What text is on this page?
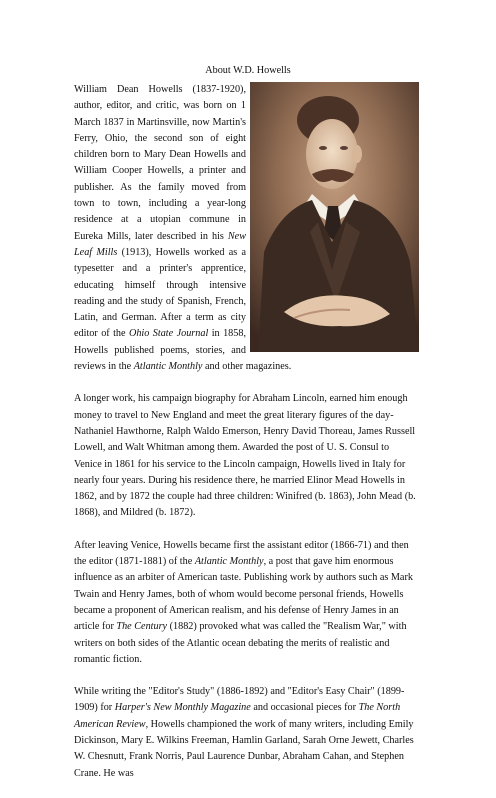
About W.D. Howells

William Dean Howells (1837-1920), author, editor, and critic, was born on 1 March 1837 in Martinsville, now Martin's Ferry, Ohio, the second son of eight children born to Mary Dean Howells and William Cooper Howells, a printer and publisher. As the family moved from town to town, including a year-long residence at a utopian commune in Eureka Mills, later described in his New Leaf Mills (1913), Howells worked as a typesetter and a printer's apprentice, educating himself through intensive reading and the study of Spanish, French, Latin, and German. After a term as city editor of the Ohio State Journal in 1858, Howells published poems, stories, and reviews in the Atlantic Monthly and other magazines.

A longer work, his campaign biography for Abraham Lincoln, earned him enough money to travel to New England and meet the great literary figures of the day-Nathaniel Hawthorne, Ralph Waldo Emerson, Henry David Thoreau, James Russell Lowell, and Walt Whitman among them. Awarded the post of U. S. Consul to Venice in 1861 for his service to the Lincoln campaign, Howells lived in Italy for nearly four years. During his residence there, he married Elinor Mead Howells in 1862, and by 1872 the couple had three children: Winifred (b. 1863), John Mead (b. 1868), and Mildred (b. 1872).

After leaving Venice, Howells became first the assistant editor (1866-71) and then the editor (1871-1881) of the Atlantic Monthly, a post that gave him enormous influence as an arbiter of American taste. Publishing work by authors such as Mark Twain and Henry James, both of whom would become personal friends, Howells became a proponent of American realism, and his defense of Henry James in an article for The Century (1882) provoked what was called the "Realism War," with writers on both sides of the Atlantic ocean debating the merits of realistic and romantic fiction.

While writing the "Editor's Study" (1886-1892) and "Editor's Easy Chair" (1899-1909) for Harper's New Monthly Magazine and occasional pieces for The North American Review, Howells championed the work of many writers, including Emily Dickinson, Mary E. Wilkins Freeman, Hamlin Garland, Sarah Orne Jewett, Charles W. Chesnutt, Frank Norris, Paul Laurence Dunbar, Abraham Cahan, and Stephen Crane. He was
